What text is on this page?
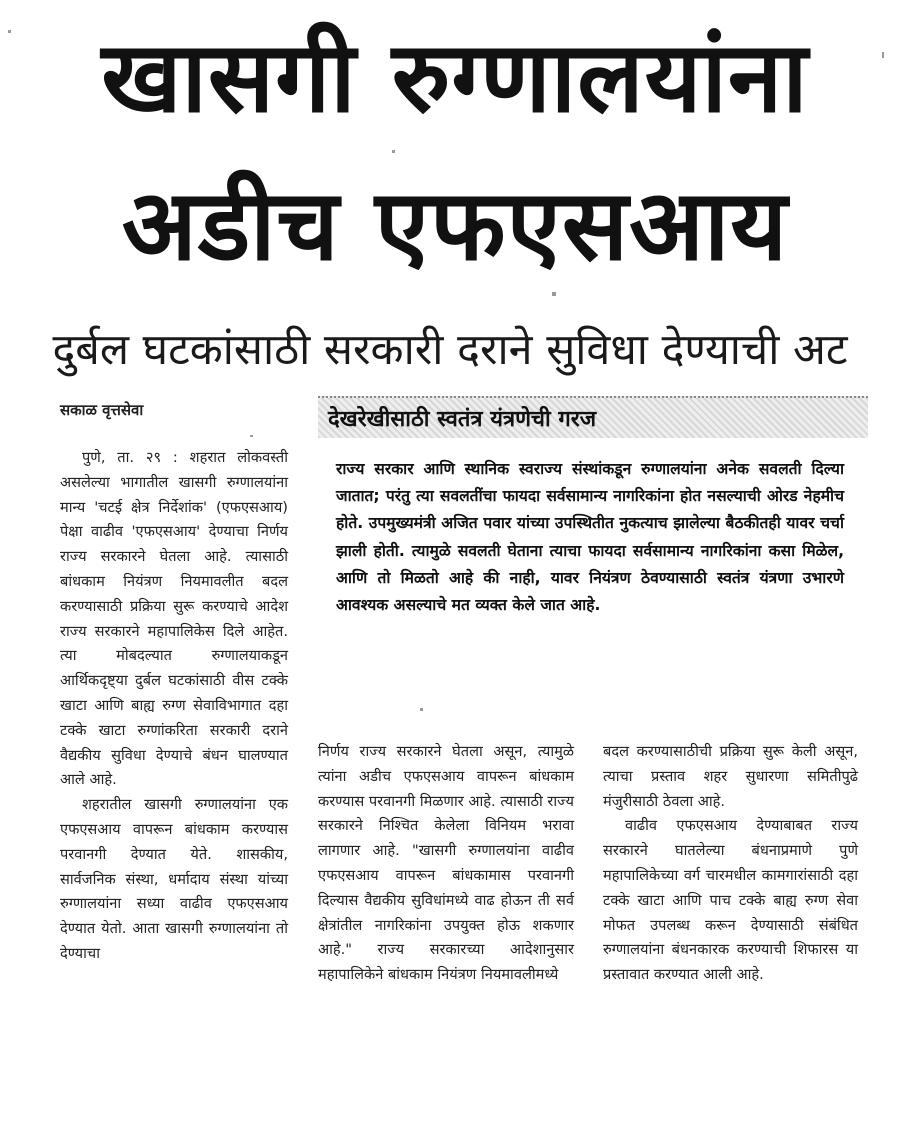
खासगी रुग्णालयांना
अडीच एफएसआय
दुर्बल घटकांसाठी सरकारी दराने सुविधा देण्याची अट
सकाळ वृत्तसेवा	देखरेखीसाठी स्वतंत्र यंत्रणेची गरज

राज्य सरकार आणि स्थानिक स्वराज्य संस्थांकडून रुग्णालयांना अनेक सवलती दिल्या जातात; परंतु त्या सवलतींचा फायदा सर्वसामान्य नागरिकांना होत नसल्याची ओरड नेहमीच होते. उपमुख्यमंत्री अजित पवार यांच्या उपस्थितीत नुकत्याच झालेल्या बैठकीतही यावर चर्चा झाली होती. त्यामुळे सवलती घेताना त्याचा फायदा सर्वसामान्य नागरिकांना कसा मिळेल, आणि तो मिळतो आहे की नाही, यावर नियंत्रण ठेवण्यासाठी स्वतंत्र यंत्रणा उभारणे आवश्यक असल्याचे मत व्यक्त केले जात आहे.

पुणे, ता. २९ : शहरात लोकवस्ती असलेल्या भागातील खासगी रुग्णालयांना मान्य 'चटई क्षेत्र निर्देशांक' (एफएसआय) पेक्षा वाढीव 'एफएसआय' देण्याचा निर्णय राज्य सरकारने घेतला आहे. त्यासाठी बांधकाम नियंत्रण नियमावलीत बदल करण्यासाठी प्रक्रिया सुरू करण्याचे आदेश राज्य सरकारने महापालिकेस दिले आहेत. त्या मोबदल्यात रुग्णालयाकडून आर्थिकदृष्ट्या दुर्बल घटकांसाठी वीस टक्के खाटा आणि बाह्य रुग्ण सेवाविभागात दहा टक्के खाटा रुग्णांकरिता सरकारी दराने वैद्यकीय सुविधा देण्याचे बंधन घालण्यात आले आहे.

शहरातील खासगी रुग्णालयांना एक एफएसआय वापरून बांधकाम करण्यास परवानगी देण्यात येते. शासकीय, सार्वजनिक संस्था, धर्मादाय संस्था यांच्या रुग्णालयांना सध्या वाढीव एफएसआय देण्यात येतो. आता खासगी रुग्णालयांना तो देण्याचा

निर्णय राज्य सरकारने घेतला असून, त्यामुळे त्यांना अडीच एफएसआय वापरून बांधकाम करण्यास परवानगी मिळणार आहे. त्यासाठी राज्य सरकारने निश्चित केलेला विनियम भरावा लागणार आहे. "खासगी रुग्णालयांना वाढीव एफएसआय वापरून बांधकामास परवानगी दिल्यास वैद्यकीय सुविधांमध्ये वाढ होऊन ती सर्व क्षेत्रांतील नागरिकांना उपयुक्त होऊ शकणार आहे." राज्य सरकारच्या आदेशानुसार महापालिकेने बांधकाम नियंत्रण नियमावलीमध्ये

बदल करण्यासाठीची प्रक्रिया सुरू केली असून, त्याचा प्रस्ताव शहर सुधारणा समितीपुढे मंजुरीसाठी ठेवला आहे.

वाढीव एफएसआय देण्याबाबत राज्य सरकारने घातलेल्या बंधनाप्रमाणे पुणे महापालिकेच्या वर्ग चारमधील कामगारांसाठी दहा टक्के खाटा आणि पाच टक्के बाह्य रुग्ण सेवा मोफत उपलब्ध करून देण्यासाठी संबंधित रुग्णालयांना बंधनकारक करण्याची शिफारस या प्रस्तावात करण्यात आली आहे.
